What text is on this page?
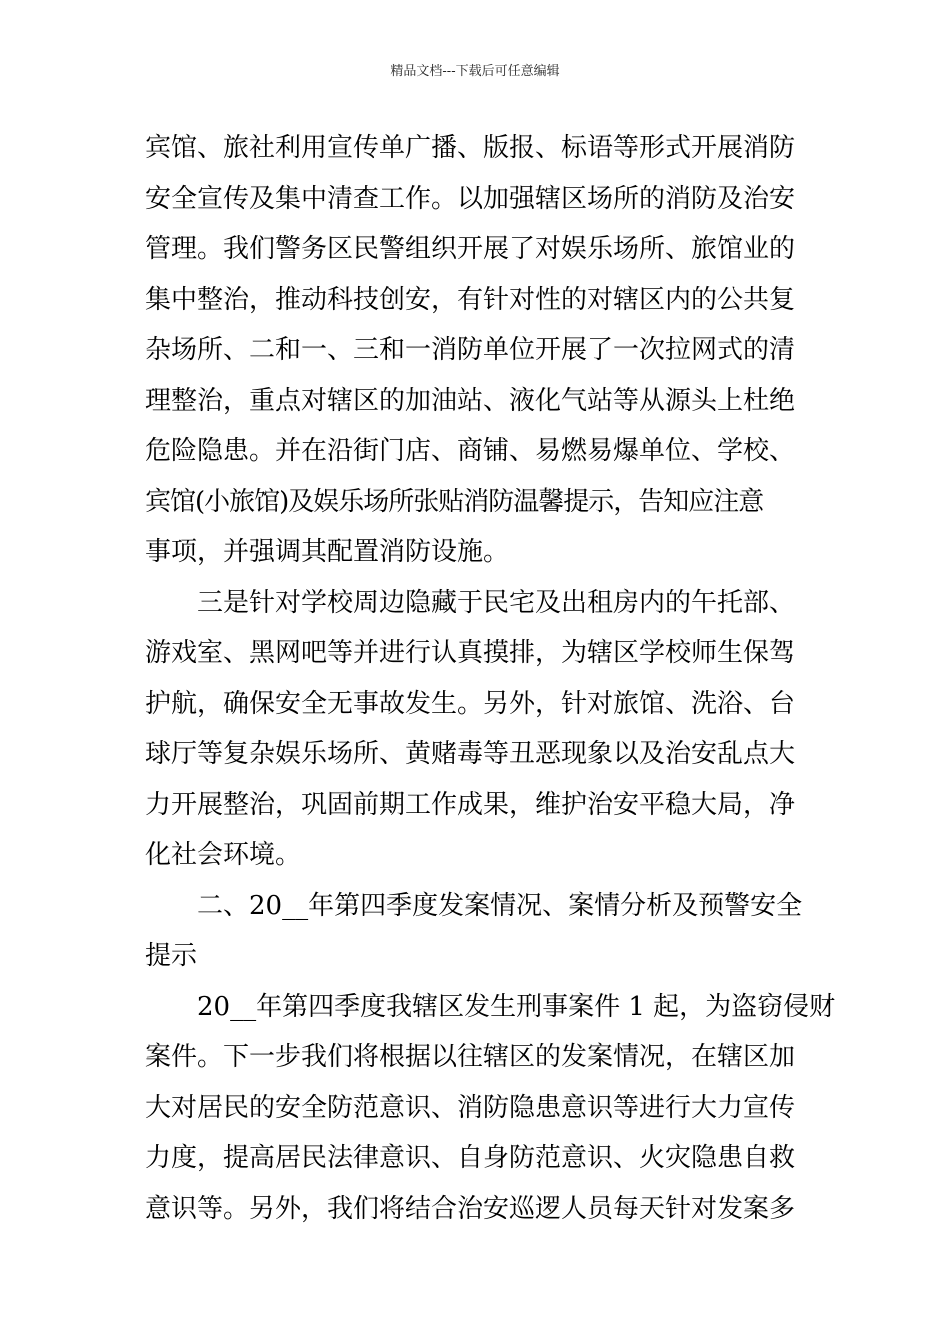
精品文档---下载后可任意编辑
宾馆、旅社利用宣传单广播、版报、标语等形式开展消防
安全宣传及集中清查工作。以加强辖区场所的消防及治安
管理。我们警务区民警组织开展了对娱乐场所、旅馆业的
集中整治，推动科技创安，有针对性的对辖区内的公共复
杂场所、二和一、三和一消防单位开展了一次拉网式的清
理整治，重点对辖区的加油站、液化气站等从源头上杜绝
危险隐患。并在沿街门店、商铺、易燃易爆单位、学校、
宾馆(小旅馆)及娱乐场所张贴消防温馨提示，告知应注意
事项，并强调其配置消防设施。
三是针对学校周边隐藏于民宅及出租房内的午托部、
游戏室、黑网吧等并进行认真摸排，为辖区学校师生保驾
护航，确保安全无事故发生。另外，针对旅馆、洗浴、台
球厅等复杂娱乐场所、黄赌毒等丑恶现象以及治安乱点大
力开展整治，巩固前期工作成果，维护治安平稳大局，净
化社会环境。
二、20__年第四季度发案情况、案情分析及预警安全
提示
20__年第四季度我辖区发生刑事案件 1 起，为盗窃侵财
案件。下一步我们将根据以往辖区的发案情况，在辖区加
大对居民的安全防范意识、消防隐患意识等进行大力宣传
力度，提高居民法律意识、自身防范意识、火灾隐患自救
意识等。另外，我们将结合治安巡逻人员每天针对发案多
